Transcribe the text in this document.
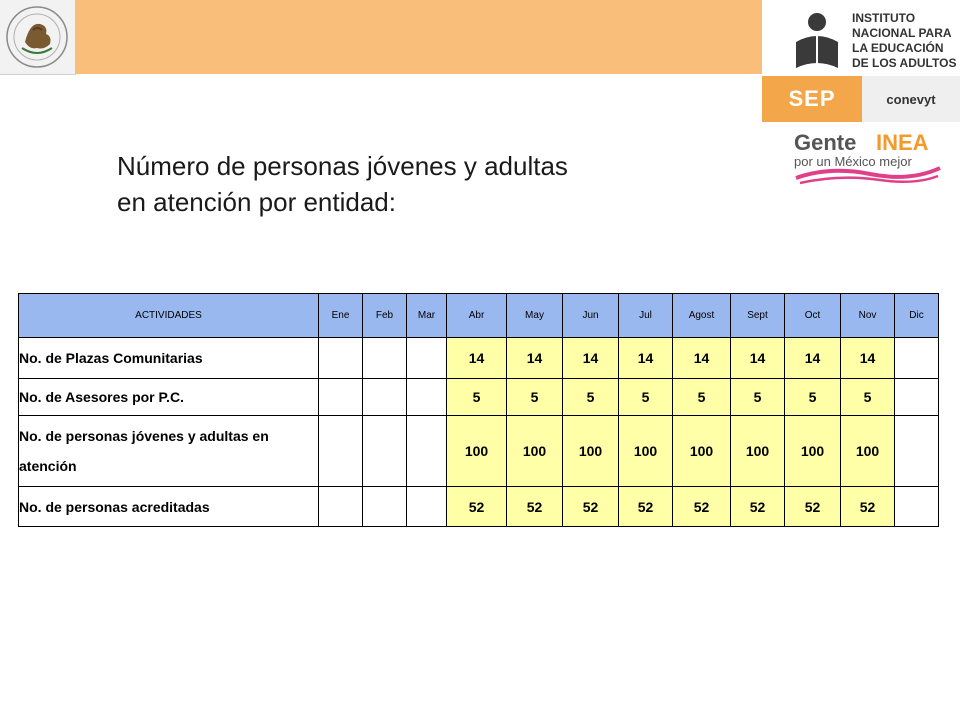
INSTITUTO
NACIONAL PARA
LA EDUCACIÓN
DE LOS ADULTOS
SEP	conevyt
Gente INEA
por un México mejor
Número de personas jóvenes y adultas en atención por entidad:
ACTIVIDADES	Ene	Feb	Mar	Abr	May	Jun	Jul	Agost	Sept	Oct	Nov	Dic
No. de Plazas Comunitarias				14	14	14	14	14	14	14	14	
No. de Asesores por P.C.				5	5	5	5	5	5	5	5	
No. de personas jóvenes y adultas en atención				100	100	100	100	100	100	100	100	
No. de personas acreditadas				52	52	52	52	52	52	52	52	
